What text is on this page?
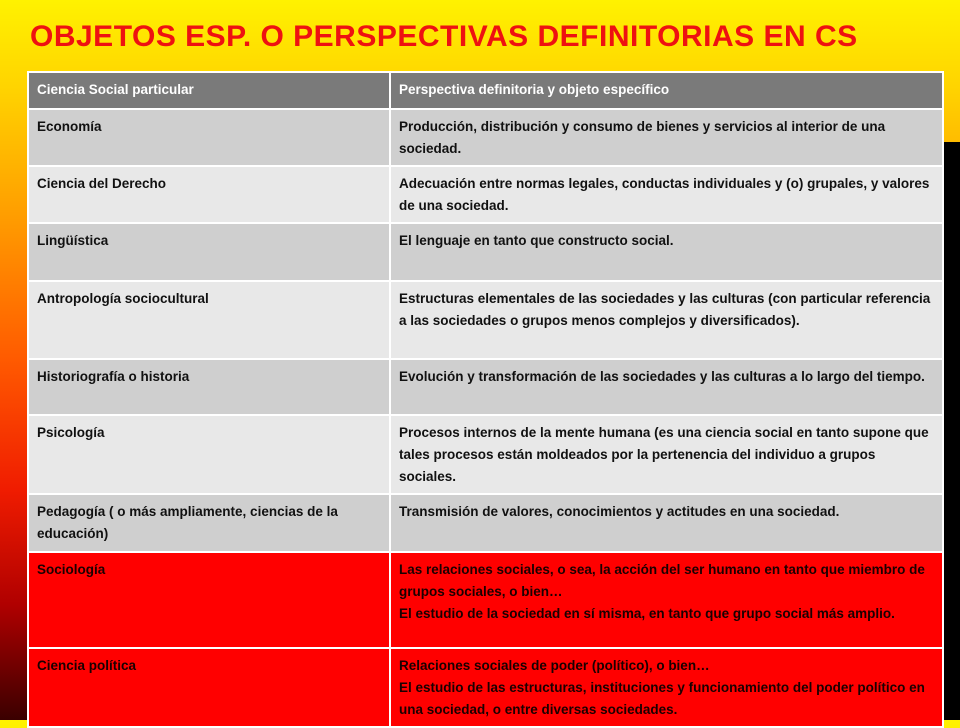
OBJETOS ESP. O PERSPECTIVAS DEFINITORIAS EN CS
Ciencia Social particular	Perspectiva definitoria y objeto específico
Economía	Producción, distribución y consumo de bienes y servicios al interior de una sociedad.
Ciencia del Derecho	Adecuación entre normas legales, conductas individuales y (o) grupales, y valores de una sociedad.
Lingüística	El lenguaje en tanto que constructo social.
Antropología sociocultural	Estructuras elementales de las sociedades y las culturas (con particular referencia a las sociedades o grupos menos complejos y diversificados).
Historiografía o historia	Evolución y transformación de las sociedades y las culturas a lo largo del tiempo.
Psicología	Procesos internos de la mente humana (es una ciencia social en tanto supone que tales procesos están moldeados por la pertenencia del individuo a grupos sociales.
Pedagogía ( o más ampliamente, ciencias de la educación)	Transmisión de valores, conocimientos y actitudes en una sociedad.
Sociología	Las relaciones sociales, o sea, la acción del ser humano en tanto que miembro de grupos sociales, o bien…
El estudio de la sociedad en sí misma, en tanto que grupo social más amplio.

Ciencia política	Relaciones sociales de poder (político), o bien…
El estudio de las estructuras, instituciones y funcionamiento del poder político en una sociedad, o entre diversas sociedades.
